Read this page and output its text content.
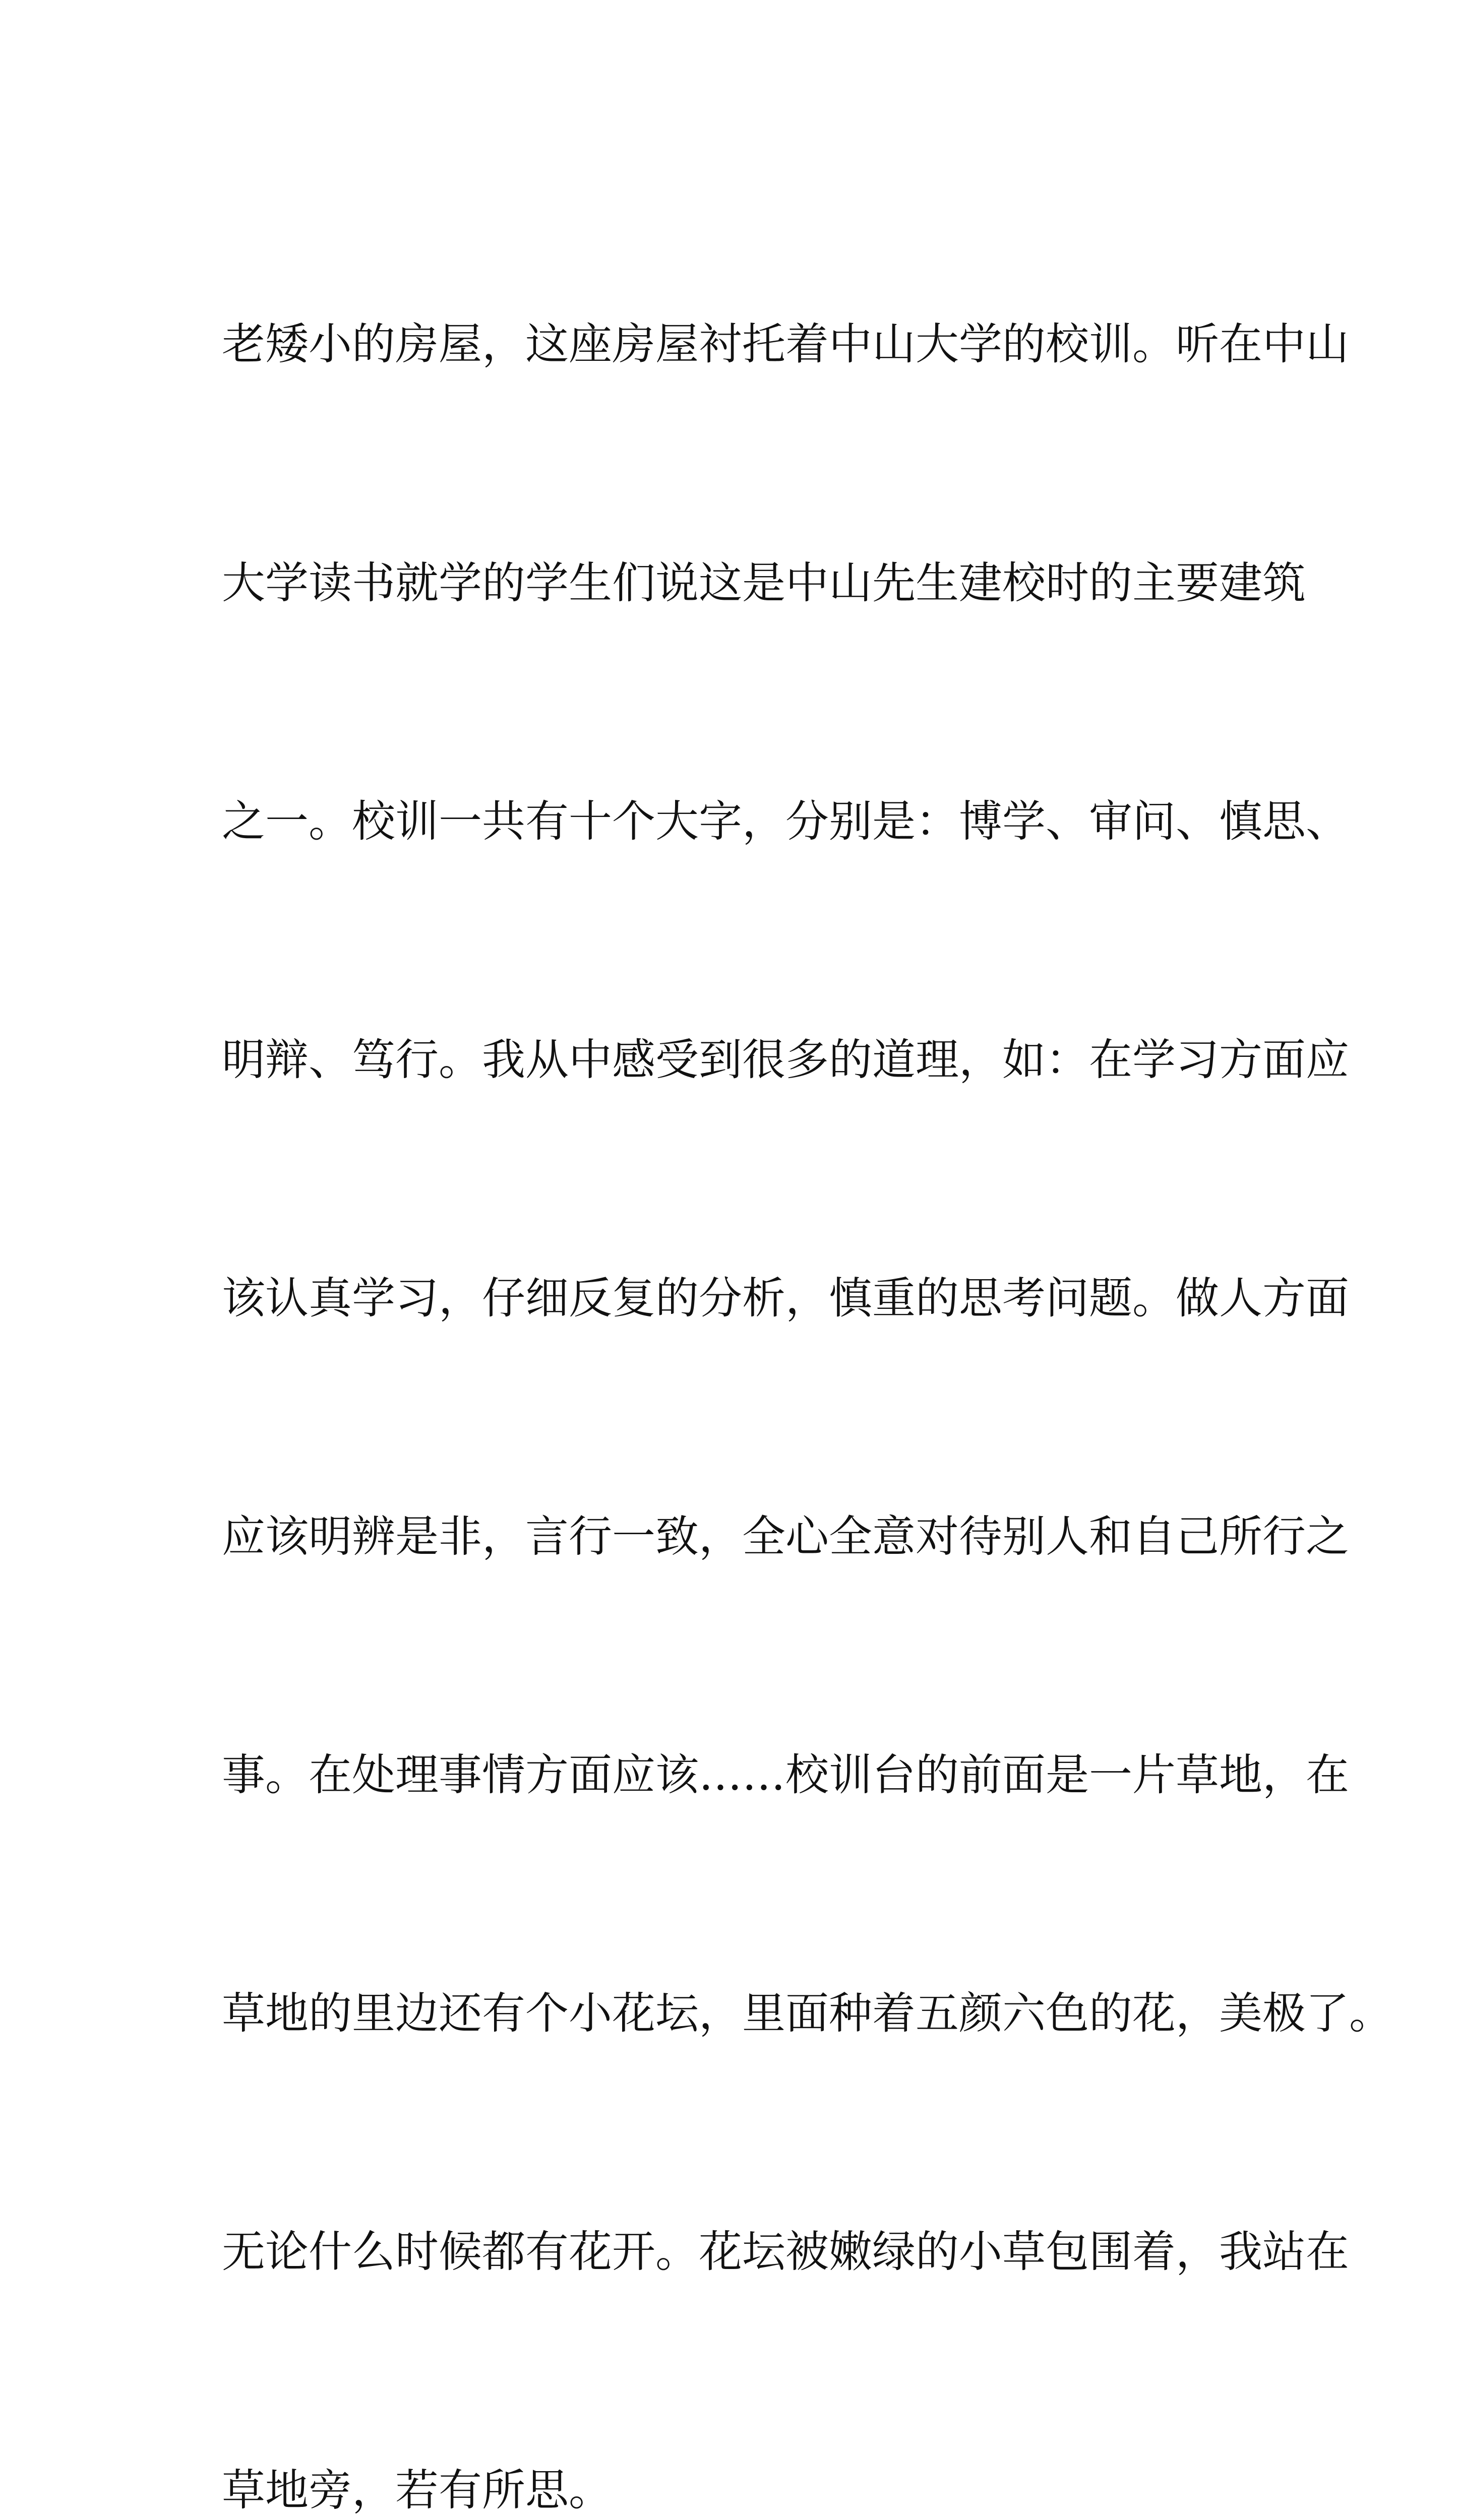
老矮小的房屋，这座房屋衬托着中山大学的校训。听在中山

大学读书就学的学生们说这是中山先生建校时的主要建筑

之一。校训一共有十个大字，分别是：博学、审问、慎思、

明辩、笃行。我从中感受到很多的道理，如：在学习方面应

该认真学习，仔细反复的分析，慎重的思考问题。做人方面

应该明辨是非，言行一致，全心全意对待别人和自己所行之

事。在处理事情方面应该……校训台的前面是一片草地，在

草地的里边还有个小花坛，里面种着五颜六色的花，美极了。

无论什么时候都有花开。花坛被嫩绿的小草包围着，我站在

草地旁，若有所思。
